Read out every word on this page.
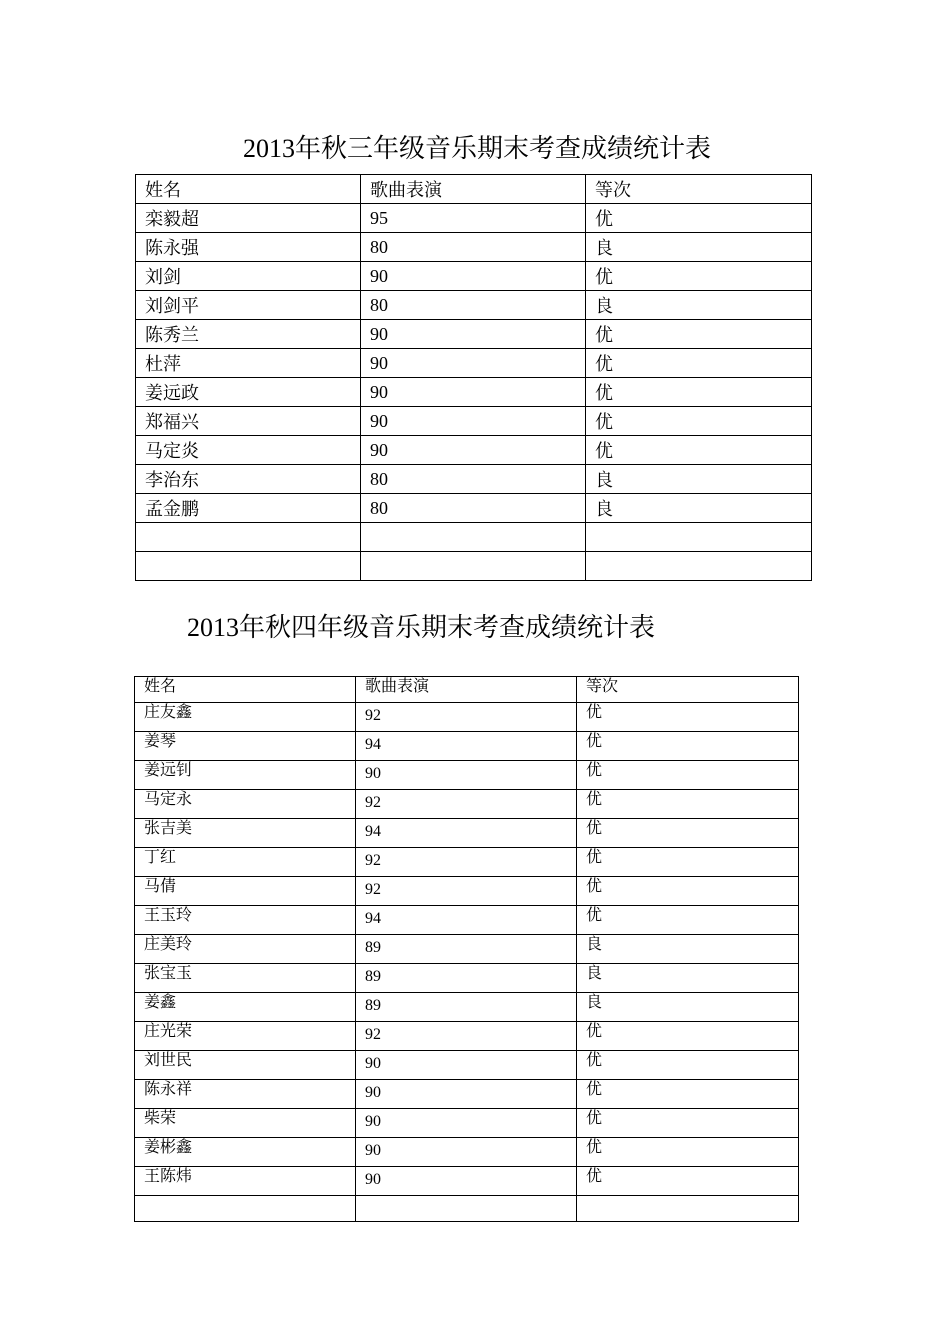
2013年秋三年级音乐期末考查成绩统计表
姓名	歌曲表演	等次
栾毅超	95	优
陈永强	80	良
刘剑	90	优
刘剑平	80	良
陈秀兰	90	优
杜萍	90	优
姜远政	90	优
郑福兴	90	优
马定炎	90	优
李治东	80	良
孟金鹏	80	良

2013年秋四年级音乐期末考查成绩统计表
姓名	歌曲表演	等次
庄友鑫	92	优
姜琴	94	优
姜远钊	90	优
马定永	92	优
张吉美	94	优
丁红	92	优
马倩	92	优
王玉玲	94	优
庄美玲	89	良
张宝玉	89	良
姜鑫	89	良
庄光荣	92	优
刘世民	90	优
陈永祥	90	优
柴荣	90	优
姜彬鑫	90	优
王陈炜	90	优
